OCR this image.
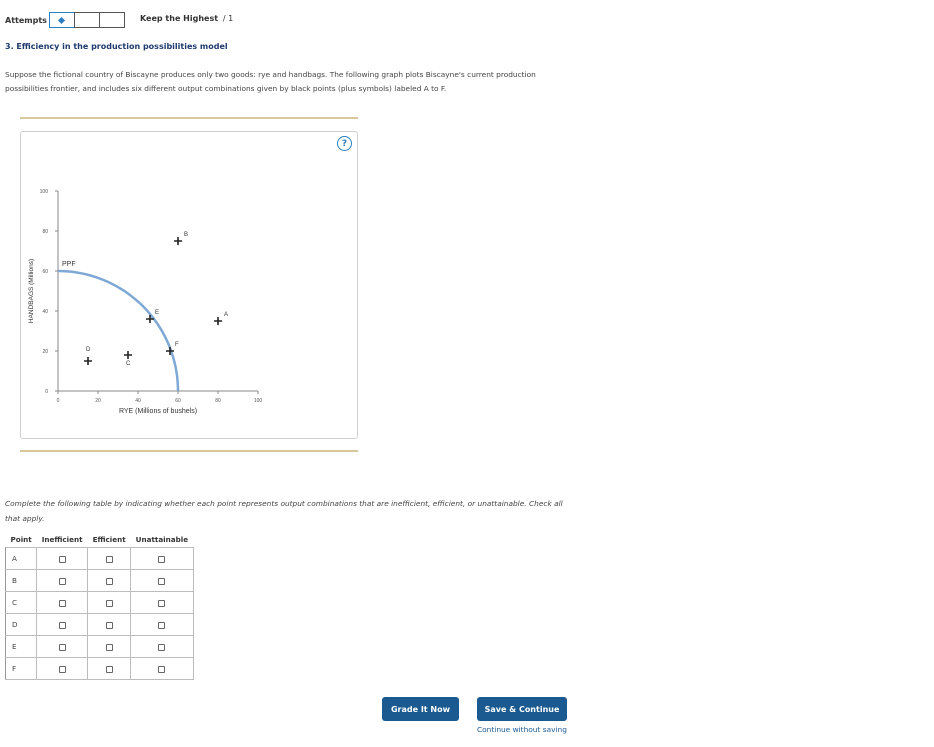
Attempts	Keep the Highest / 1
3. Efficiency in the production possibilities model
Suppose the fictional country of Biscayne produces only two goods: rye and handbags. The following graph plots Biscayne's current production
possibilities frontier, and includes six different output combinations given by black points (plus symbols) labeled A to F.
?
0	20	40	60	80	100
0
20
40
60
80
100
PPF
A
B
C
D
E
F
RYE (Millions of bushels)
HANDBAGS (Millions)
Complete the following table by indicating whether each point represents output combinations that are inefficient, efficient, or unattainable. Check all
that apply.
Point	Inefficient	Efficient	Unattainable
A			
B			
C			
D			
E			
F			
Grade It Now	Save & Continue
Continue without saving
